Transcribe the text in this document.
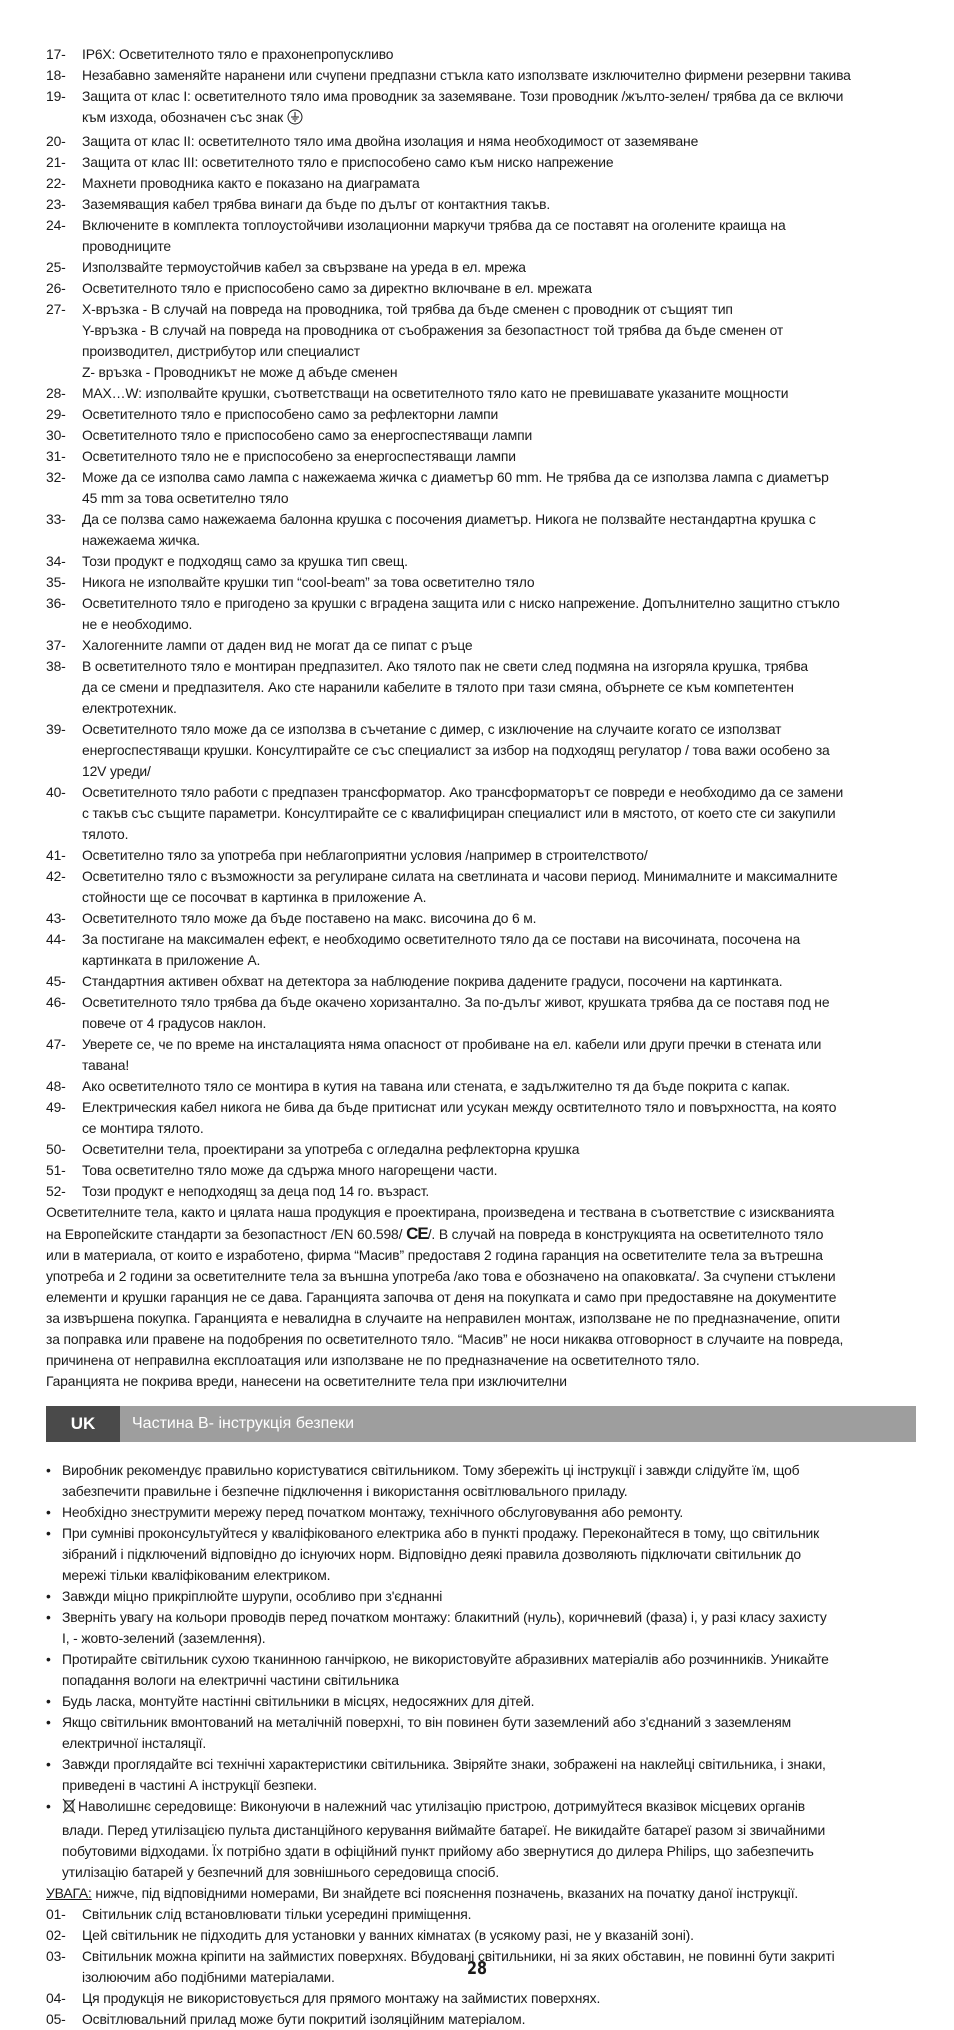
17-	IP6X: Осветителното тяло е прахонепропускливо
18-	Незабавно заменяйте наранени или счупени предпазни стъкла като използвате изключително фирмени резервни такива
19-	Защита от клас I: осветителното тяло има проводник за заземяване. Този проводник /жълто-зелен/ трябва да се включи
към изхода, обозначен със знак
20-	Защита от клас II: осветителното тяло има двойна изолация и няма необходимост от заземяване
21-	Защита от клас III: осветителното тяло е приспособено само към ниско напрежение
22-	Махнети проводника както е показано на диаграмата
23-	Заземяващия кабел трябва винаги да бъде по дълъг от контактния такъв.
24-	Включените в комплекта топлоустойчиви изолационни маркучи трябва да се поставят на оголените краища на
проводниците
25-	Използвайте термоустойчив кабел за свързване на уреда в ел. мрежа
26-	Осветителното тяло е приспособено само за директно включване в ел. мрежата
27-	Х-връзка - В случай на повреда на проводника, той трябва да бъде сменен с проводник от същият тип
Y-връзка - В случай на повреда на проводника от съображения за безопастност той трябва да бъде сменен от
производител, дистрибутор или специалист
Z- връзка - Проводникът не може д абъде сменен
28-	MAX…W: изполвайте крушки, съответстващи на осветителното тяло като не превишавате указаните мощности
29-	Осветителното тяло е приспособено само за рефлекторни лампи
30-	Осветителното тяло е приспособено само за енергоспестяващи лампи
31-	Осветителното тяло не е приспособено за енергоспестяващи лампи
32-	Може да се изполва само лампа с нажежаема жичка с диаметър 60 mm. Не трябва да се използва лампа с диаметър
45 mm за това осветително тяло
33-	Да се ползва само нажежаема балонна крушка с посочения диаметър. Никога не ползвайте нестандартна крушка с
нажежаема жичка.
34-	Този продукт е подходящ само за крушка тип свещ.
35-	Никога не изполвайте крушки тип “cool-beam” за това осветително тяло
36-	Осветителното тяло е пригодено за крушки с вградена защита или с ниско напрежение. Допълнително защитно стъкло
не е необходимо.
37-	Халогенните лампи от даден вид не могат да се пипат с ръце
38-	В осветителното тяло е монтиран предпазител. Ако тялото пак не свети след подмяна на изгоряла крушка, трябва
да се смени и предпазителя. Ако сте наранили кабелите в тялото при тази смяна, обърнете се към компетентен
електротехник.
39-	Осветителното тяло може да се използва в съчетание с димер, с изключение на случаите когато се използват
енергоспестяващи крушки. Консултирайте се със специалист за избор на подходящ регулатор / това важи особено за
12V уреди/
40-	Осветителното тяло работи с предпазен трансформатор. Ако трансформаторът се повреди е необходимо да се замени
с такъв със същите параметри. Консултирайте се с квалифициран специалист или в мястото, от което сте си закупили
тялото.
41-	Осветително тяло за употреба при неблагоприятни условия /например в строителството/
42-	Осветително тяло с възможности за регулиране силата на светлината и часови период. Минималните и максималните
стойности ще се посочват в картинка в приложение А.
43-	Осветителното тяло може да бъде поставено на макс. височина до 6 м.
44-	За постигане на максимален ефект, е необходимо осветителното тяло да се постави на височината, посочена на
картинката в приложение А.
45-	Стандартния активен обхват на детектора за наблюдение покрива дадените градуси, посочени на картинката.
46-	Осветителното тяло трябва да бъде окачено хоризантално. За по-дълъг живот, крушката трябва да се поставя под не
повече от 4 градусов наклон.
47-	Уверете се, че по време на инсталацията няма опасност от пробиване на ел. кабели или други пречки в стената или
тавана!
48-	Ако осветителното тяло се монтира в кутия на тавана или стената, е задължително тя да бъде покрита с капак.
49-	Електрическия кабел никога не бива да бъде притиснат или усукан между освтителното тяло и повърхността, на която
се монтира тялото.
50-	Осветителни тела, проектирани за употреба с огледална рефлекторна крушка
51-	Това осветително тяло може да сдържа много нагорещени части.
52-	Този продукт е неподходящ за деца под 14 го. възраст.

Осветителните тела, както и цялата наша продукция е проектирана, произведена и тествана в съответствие с изискванията
на Европейските стандарти за безопастност /EN 60.598/ CE/. В случай на повреда в конструкцията на осветителното тяло
или в материала, от които е изработено, фирма “Масив” предоставя 2 година гаранция на осветителите тела за вътрешна
употреба и 2 години за осветителните тела за външна употреба /ако това е обозначено на опаковката/. За счупени стъклени
елементи и крушки гаранция не се дава. Гаранцията започва от деня на покупката и само при предоставяне на документите
за извършена покупка. Гаранцията е невалидна в случаите на неправилен монтаж, използване не по предназначение, опити
за поправка или правене на подобрения по осветителното тяло. “Масив” не носи никаква отговорност в случаите на повреда,
причинена от неправилна експлоатация или използване не по предназначение на осветителното тяло.
Гаранцията не покрива вреди, нанесени на осветителните тела при изключителни

UK	Частина В- інструкція безпеки
• Виробник рекомендує правильно користуватися світильником. Тому збережіть ці інструкції і завжди слідуйте їм, щоб
забезпечити правильне і безпечне підключення і використання освітлювального приладу.
• Необхідно знеструмити мережу перед початком монтажу, технічного обслуговування або ремонту.
• При сумніві проконсультуйтеся у кваліфікованого електрика або в пункті продажу. Переконайтеся в тому, що світильник
зібраний і підключений відповідно до існуючих норм. Відповідно деякі правила дозволяють підключати світильник до
мережі тільки кваліфікованим електриком.
• Завжди міцно прикріплюйте шурупи, особливо при з'єднанні
• Зверніть увагу на кольори проводів перед початком монтажу: блакитний (нуль), коричневий (фаза) і, у разі класу захисту
I, - жовто-зелений (заземлення).
• Протирайте світильник сухою тканинною ганчіркою, не використовуйте абразивних матеріалів або розчинників. Уникайте
попадання вологи на електричні частини світильника
• Будь ласка, монтуйте настінні світильники в місцях, недосяжних для дітей.
• Якщо світильник вмонтований на металічній поверхні, то він повинен бути заземлений або з'єднаний з заземленям
електричної інсталяції.
• Завжди проглядайте всі технічні характеристики світильника. Звіряйте знаки, зображені на наклейці світильника, і знаки,
приведені в частині А інструкції безпеки.
•	Наволишнє середовище: Виконуючи в належний час утилізацію пристрою, дотримуйтеся вказівок місцевих органів
влади. Перед утилізацією пульта дистанційного керування виймайте батареї. Не викидайте батареї разом зі звичайними
побутовими відходами. Їх потрібно здати в офіційний пункт прийому або звернутися до дилера Philips, що забезпечить
утилізацію батарей у безпечний для зовнішнього середовища спосіб.

УВАГА: нижче, під відповідними номерами, Ви знайдете всі пояснення позначень, вказаних на початку даної інструкції.

01-	Світильник слід встановлювати тільки усередині приміщення.
02-	Цей світильник не підходить для установки у ванних кімнатах (в усякому разі, не у вказаній зоні).
03-	Світильник можна кріпити на займистих поверхнях. Вбудовані світильники, ні за яких обставин, не повинні бути закриті
ізолюючим або подібними матеріалами.
04-	Ця продукція не використовується для прямого монтажу на займистих поверхнях.
05-	Освітлювальний прилад може бути покритий ізоляційним матеріалом.
28
